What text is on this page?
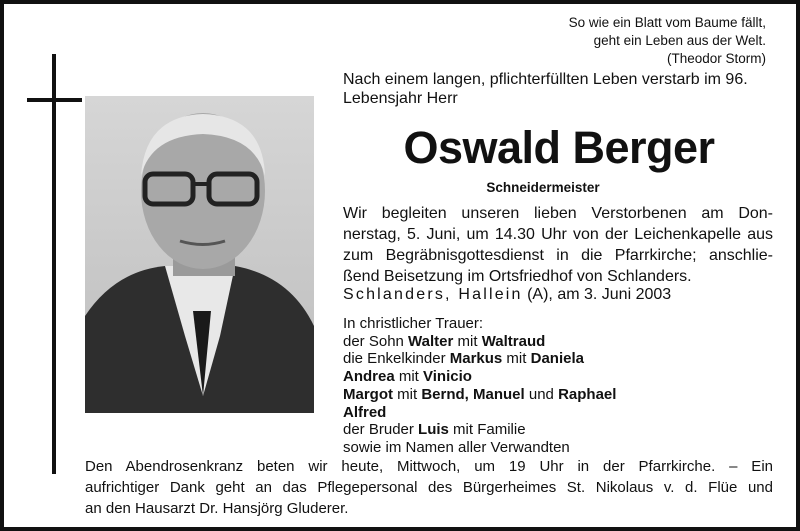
So wie ein Blatt vom Baume fällt,
geht ein Leben aus der Welt.
(Theodor Storm)
Nach einem langen, pflichterfüllten Leben verstarb im 96.
Lebensjahr Herr
Oswald Berger
Schneidermeister
Wir begleiten unseren lieben Verstorbenen am Don-
nerstag, 5. Juni, um 14.30 Uhr von der Leichenkapelle aus
zum Begräbnisgottesdienst in die Pfarrkirche; anschlie-
ßend Beisetzung im Ortsfriedhof von Schlanders.
Schlanders, Hallein (A), am 3. Juni 2003
In christlicher Trauer:
der Sohn Walter mit Waltraud
die Enkelkinder Markus mit Daniela
Andrea mit Vinicio
Margot mit Bernd, Manuel und Raphael
Alfred
der Bruder Luis mit Familie
sowie im Namen aller Verwandten
Den Abendrosenkranz beten wir heute, Mittwoch, um 19 Uhr in der Pfarrkirche. – Ein
aufrichtiger Dank geht an das Pflegepersonal des Bürgerheimes St. Nikolaus v. d. Flüe und
an den Hausarzt Dr. Hansjörg Gluderer.
